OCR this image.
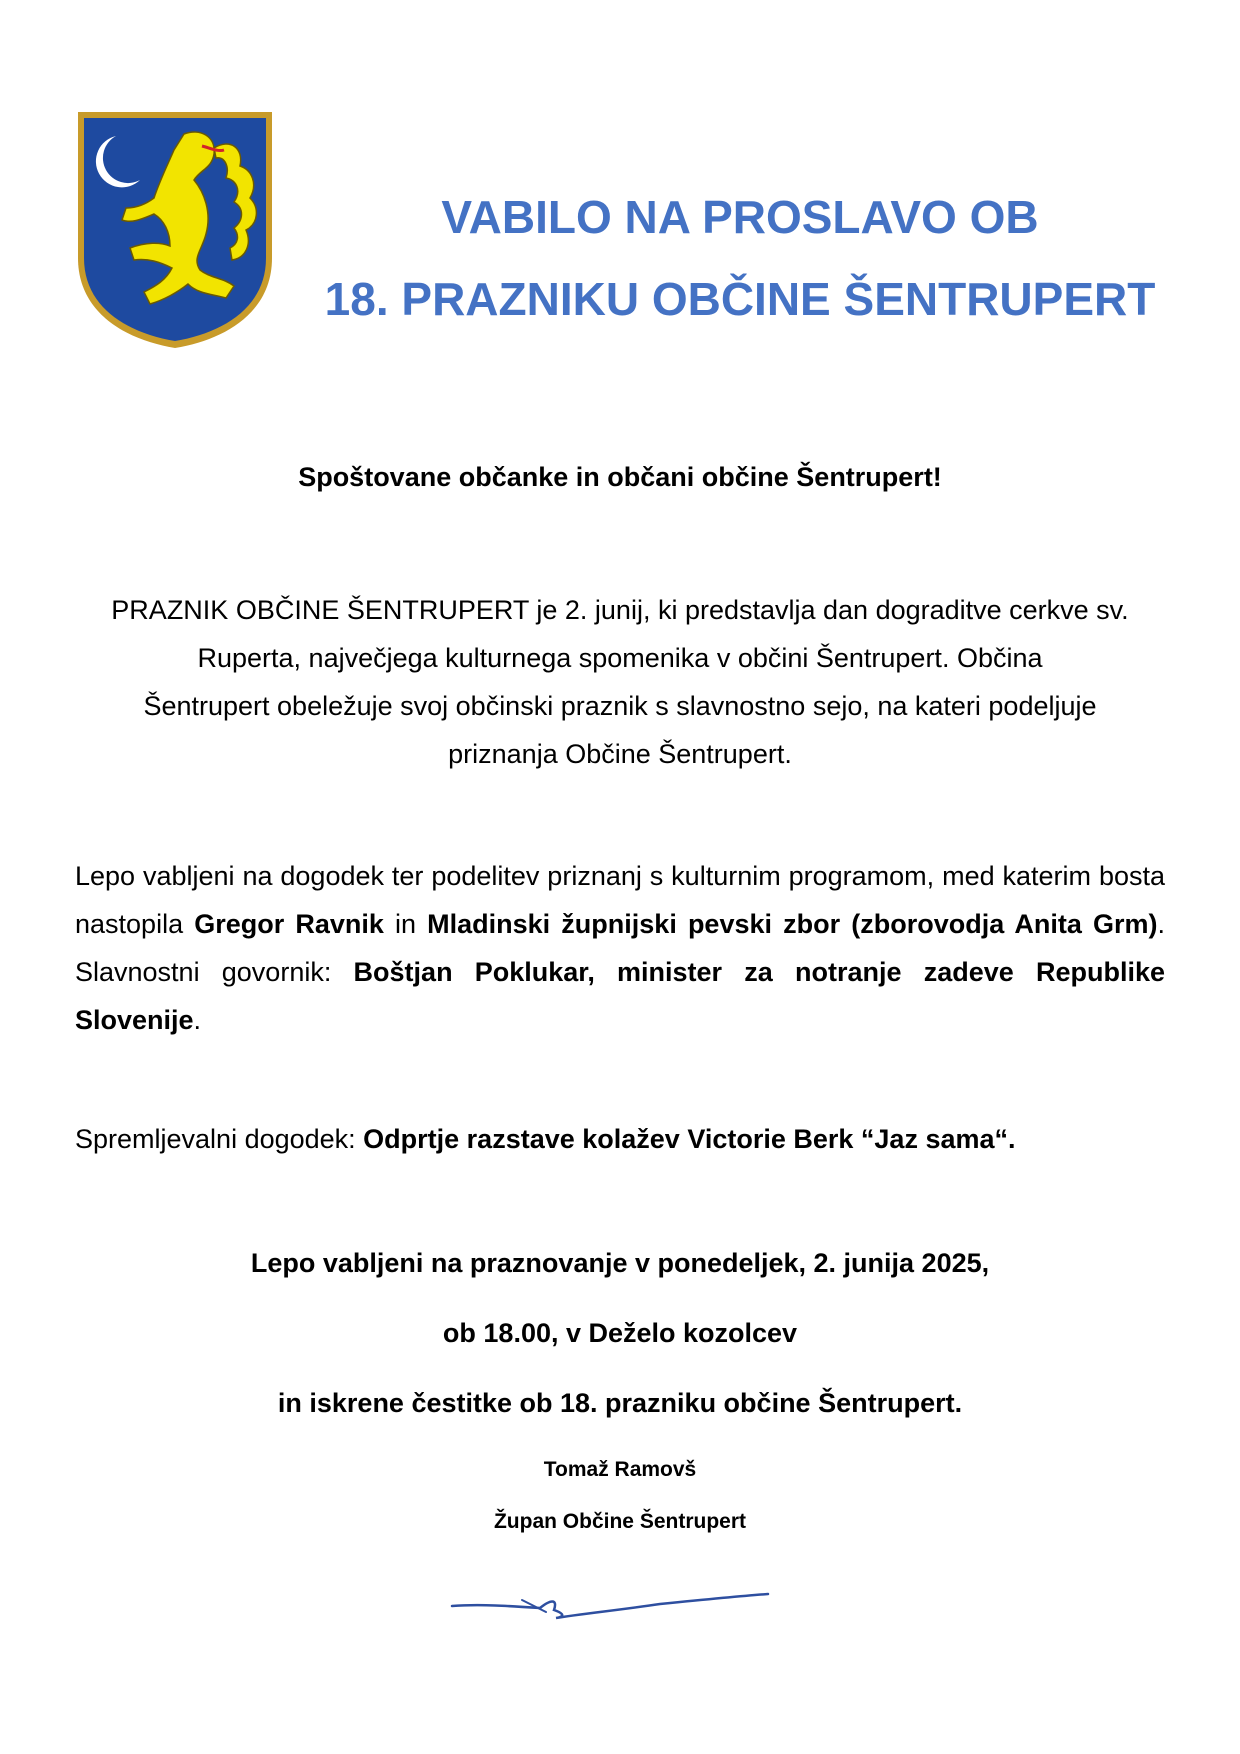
VABILO NA PROSLAVO OB
18. PRAZNIKU OBČINE ŠENTRUPERT
Spoštovane občanke in občani občine Šentrupert!
PRAZNIK OBČINE ŠENTRUPERT je 2. junij, ki predstavlja dan dograditve cerkve sv.
Ruperta, največjega kulturnega spomenika v občini Šentrupert. Občina
Šentrupert obeležuje svoj občinski praznik s slavnostno sejo, na kateri podeljuje
priznanja Občine Šentrupert.
Lepo vabljeni na dogodek ter podelitev priznanj s kulturnim programom, med katerim bosta nastopila Gregor Ravnik in Mladinski župnijski pevski zbor (zborovodja Anita Grm). Slavnostni govornik: Boštjan Poklukar, minister za notranje zadeve Republike Slovenije.
Spremljevalni dogodek: Odprtje razstave kolažev Victorie Berk “Jaz sama“.
Lepo vabljeni na praznovanje v ponedeljek, 2. junija 2025,
ob 18.00, v Deželo kozolcev
in iskrene čestitke ob 18. prazniku občine Šentrupert.
Tomaž Ramovš
Župan Občine Šentrupert
